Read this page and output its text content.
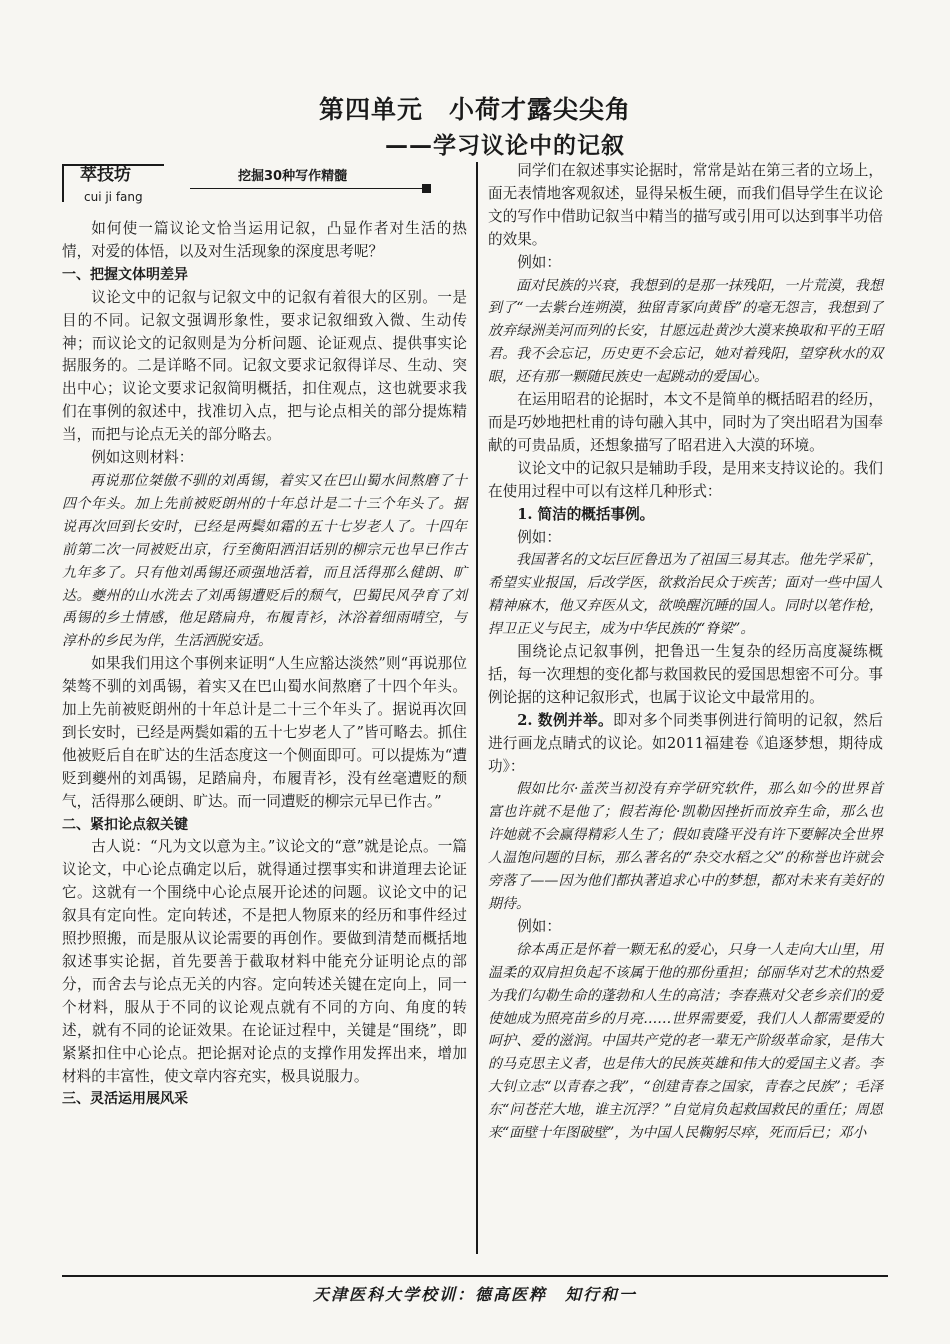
第四单元　小荷才露尖尖角
——学习议论中的记叙
萃技坊
cui ji fang
挖掘30种写作精髓

如何使一篇议论文恰当运用记叙，凸显作者对生活的热情，对爱的体悟，以及对生活现象的深度思考呢？

一、把握文体明差异

议论文中的记叙与记叙文中的记叙有着很大的区别。一是目的不同。记叙文强调形象性，要求记叙细致入微、生动传神；而议论文的记叙则是为分析问题、论证观点、提供事实论据服务的。二是详略不同。记叙文要求记叙得详尽、生动、突出中心；议论文要求记叙简明概括，扣住观点，这也就要求我们在事例的叙述中，找准切入点，把与论点相关的部分提炼精当，而把与论点无关的部分略去。

例如这则材料：

再说那位桀傲不驯的刘禹锡，着实又在巴山蜀水间熬磨了十四个年头。加上先前被贬朗州的十年总计是二十三个年头了。据说再次回到长安时，已经是两鬓如霜的五十七岁老人了。十四年前第二次一同被贬出京，行至衡阳洒泪话别的柳宗元也早已作古九年多了。只有他刘禹锡还顽强地活着，而且活得那么健朗、旷达。夔州的山水洗去了刘禹锡遭贬后的颓气，巴蜀民风孕育了刘禹锡的乡土情感，他足踏扁舟，布履青衫，沐浴着细雨晴空，与淳朴的乡民为伴，生活洒脱安适。

如果我们用这个事例来证明“人生应豁达淡然”则“再说那位桀骜不驯的刘禹锡，着实又在巴山蜀水间熬磨了十四个年头。加上先前被贬朗州的十年总计是二十三个年头了。据说再次回到长安时，已经是两鬓如霜的五十七岁老人了”皆可略去。抓住他被贬后自在旷达的生活态度这一个侧面即可。可以提炼为“遭贬到夔州的刘禹锡，足踏扁舟，布履青衫，没有丝毫遭贬的颓气，活得那么硬朗、旷达。而一同遭贬的柳宗元早已作古。”

二、紧扣论点叙关键

古人说：“凡为文以意为主。”议论文的“意”就是论点。一篇议论文，中心论点确定以后，就得通过摆事实和讲道理去论证它。这就有一个围绕中心论点展开论述的问题。议论文中的记叙具有定向性。定向转述，不是把人物原来的经历和事件经过照抄照搬，而是服从议论需要的再创作。要做到清楚而概括地叙述事实论据，首先要善于截取材料中能充分证明论点的部分，而舍去与论点无关的内容。定向转述关键在定向上，同一个材料，服从于不同的议论观点就有不同的方向、角度的转述，就有不同的论证效果。在论证过程中，关键是“围绕”，即紧紧扣住中心论点。把论据对论点的支撑作用发挥出来，增加材料的丰富性，使文章内容充实，极具说服力。

三、灵活运用展风采

同学们在叙述事实论据时，常常是站在第三者的立场上，面无表情地客观叙述，显得呆板生硬，而我们倡导学生在议论文的写作中借助记叙当中精当的描写或引用可以达到事半功倍的效果。

例如：

面对民族的兴衰，我想到的是那一抹残阳，一片荒漠，我想到了“一去紫台连朔漠，独留青冢向黄昏”的毫无怨言，我想到了放弃绿洲美河而列的长安，甘愿远赴黄沙大漠来换取和平的王昭君。我不会忘记，历史更不会忘记，她对着残阳，望穿秋水的双眼，还有那一颗随民族史一起跳动的爱国心。

在运用昭君的论据时，本文不是简单的概括昭君的经历，而是巧妙地把杜甫的诗句融入其中，同时为了突出昭君为国奉献的可贵品质，还想象描写了昭君进入大漠的环境。

议论文中的记叙只是辅助手段，是用来支持议论的。我们在使用过程中可以有这样几种形式：

1. 简洁的概括事例。

例如：

我国著名的文坛巨匠鲁迅为了祖国三易其志。他先学采矿，希望实业报国，后改学医，欲救治民众于疾苦；面对一些中国人精神麻木，他又弃医从文，欲唤醒沉睡的国人。同时以笔作枪，捍卫正义与民主，成为中华民族的“脊梁”。

围绕论点记叙事例，把鲁迅一生复杂的经历高度凝练概括，每一次理想的变化都与救国救民的爱国思想密不可分。事例论据的这种记叙形式，也属于议论文中最常用的。

2. 数例并举。即对多个同类事例进行简明的记叙，然后进行画龙点睛式的议论。如2011福建卷《追逐梦想，期待成功》：

假如比尔·盖茨当初没有弃学研究软件，那么如今的世界首富也许就不是他了；假若海伦·凯勒因挫折而放弃生命，那么也许她就不会赢得精彩人生了；假如袁隆平没有许下要解决全世界人温饱问题的目标，那么著名的“杂交水稻之父”的称誉也许就会旁落了——因为他们都执著追求心中的梦想，都对未来有美好的期待。

例如：

徐本禹正是怀着一颗无私的爱心，只身一人走向大山里，用温柔的双肩担负起不该属于他的那份重担；邰丽华对艺术的热爱为我们勾勒生命的蓬勃和人生的高洁；李春燕对父老乡亲们的爱使她成为照亮苗乡的月亮……世界需要爱，我们人人都需要爱的呵护、爱的滋润。中国共产党的老一辈无产阶级革命家，是伟大的马克思主义者，也是伟大的民族英雄和伟大的爱国主义者。李大钊立志“以青春之我”，“创建青春之国家，青春之民族”；毛泽东“问苍茫大地，谁主沉浮？”自觉肩负起救国救民的重任；周恩来“面壁十年图破壁”，为中国人民鞠躬尽瘁，死而后已；邓小

天津医科大学校训：德高医粹　知行和一
